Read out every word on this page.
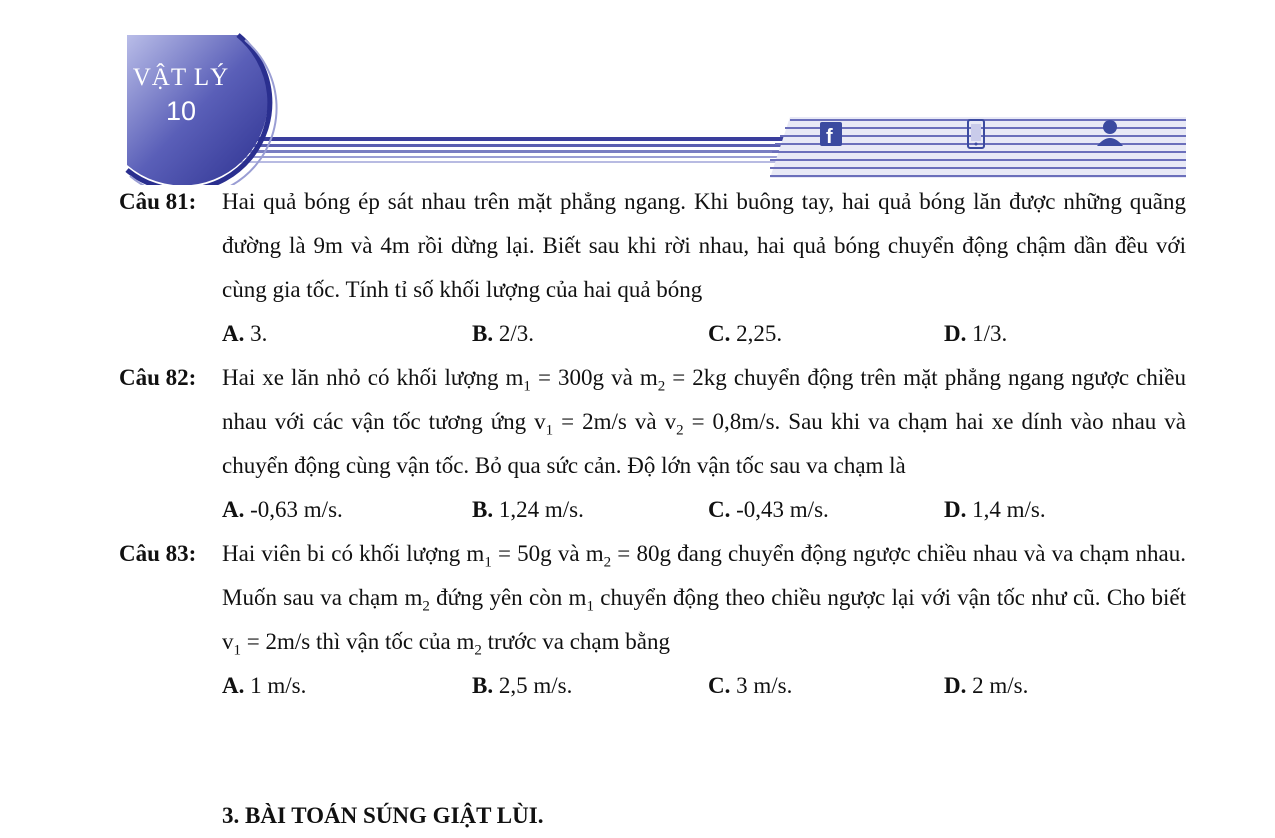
f
VẬT LÝ
10
Câu 81: Hai quả bóng ép sát nhau trên mặt phẳng ngang. Khi buông tay, hai quả bóng lăn được những quãng đường là 9m và 4m rồi dừng lại. Biết sau khi rời nhau, hai quả bóng chuyển động chậm dần đều với cùng gia tốc. Tính tỉ số khối lượng của hai quả bóng
A. 3.	B. 2/3.	C. 2,25.	D. 1/3.
Câu 82: Hai xe lăn nhỏ có khối lượng $m_1 = 300g$ và $m_2 = 2kg$ chuyển động trên mặt phẳng ngang ngược chiều nhau với các vận tốc tương ứng $v_1 = 2m/s$ và $v_2 = 0,8m/s$. Sau khi va chạm hai xe dính vào nhau và chuyển động cùng vận tốc. Bỏ qua sức cản. Độ lớn vận tốc sau va chạm là
A. -0,63 m/s.	B. 1,24 m/s.	C. -0,43 m/s.	D. 1,4 m/s.
Câu 83: Hai viên bi có khối lượng $m_1 = 50g$ và $m_2 = 80g$ đang chuyển động ngược chiều nhau và va chạm nhau. Muốn sau va chạm $m_2$ đứng yên còn $m_1$ chuyển động theo chiều ngược lại với vận tốc như cũ. Cho biết $v_1 = 2m/s$ thì vận tốc của $m_2$ trước va chạm bằng
A. 1 m/s.	B. 2,5 m/s.	C. 3 m/s.	D. 2 m/s.
3. BÀI TOÁN SÚNG GIẬT LÙI.
